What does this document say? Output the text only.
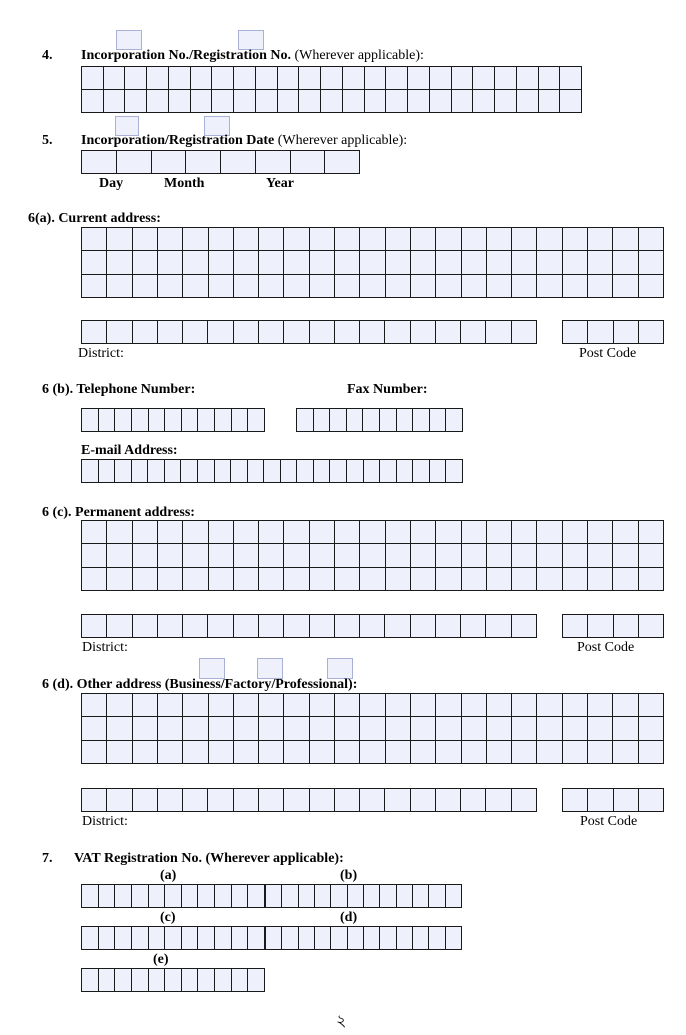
4. Incorporation No./Registration No. (Wherever applicable):
5. Incorporation/Registration Date (Wherever applicable):
Day	Month	Year
6(a). Current address:
District:	Post Code
6 (b). Telephone Number:	Fax Number:
E-mail Address:
6 (c). Permanent address:
District:	Post Code
6 (d). Other address (Business/Factory/Professional):
District:	Post Code
7. VAT Registration No. (Wherever applicable):
(a)	(b)
(c)	(d)
(e)
২
